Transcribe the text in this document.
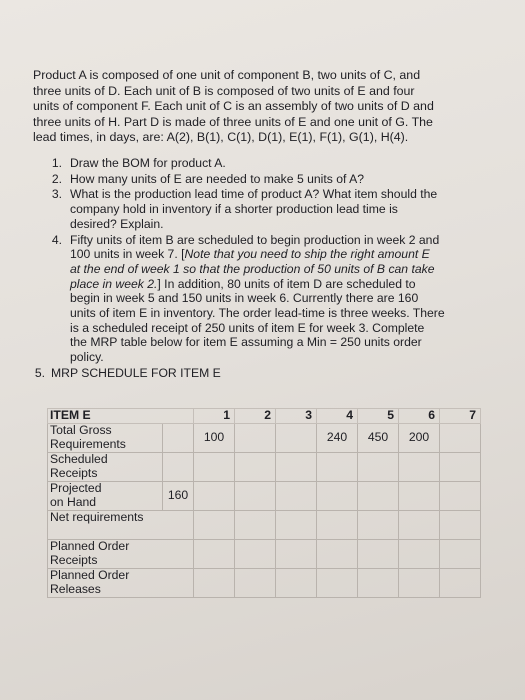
Product A is composed of one unit of component B, two units of C, and
three units of D. Each unit of B is composed of two units of E and four
units of component F. Each unit of C is an assembly of two units of D and
three units of H. Part D is made of three units of E and one unit of G. The
lead times, in days, are: A(2), B(1), C(1), D(1), E(1), F(1), G(1), H(4).

1. Draw the BOM for product A.
2. How many units of E are needed to make 5 units of A?
3. What is the production lead time of product A? What item should the
company hold in inventory if a shorter production lead time is
desired? Explain.
4. Fifty units of item B are scheduled to begin production in week 2 and
100 units in week 7. [Note that you need to ship the right amount E
at the end of week 1 so that the production of 50 units of B can take
place in week 2.] In addition, 80 units of item D are scheduled to
begin in week 5 and 150 units in week 6. Currently there are 160
units of item E in inventory. The order lead-time is three weeks. There
is a scheduled receipt of 250 units of item E for week 3. Complete
the MRP table below for item E assuming a Min = 250 units order
policy.
5. MRP SCHEDULE FOR ITEM E
ITEM E		1	2	3	4	5	6	7
Total Gross
Requirements		100			240	450	200	
Scheduled
Receipts								
Projected
on Hand	160							
Net requirements	

Planned Order
Receipts								
Planned Order
Releases								
